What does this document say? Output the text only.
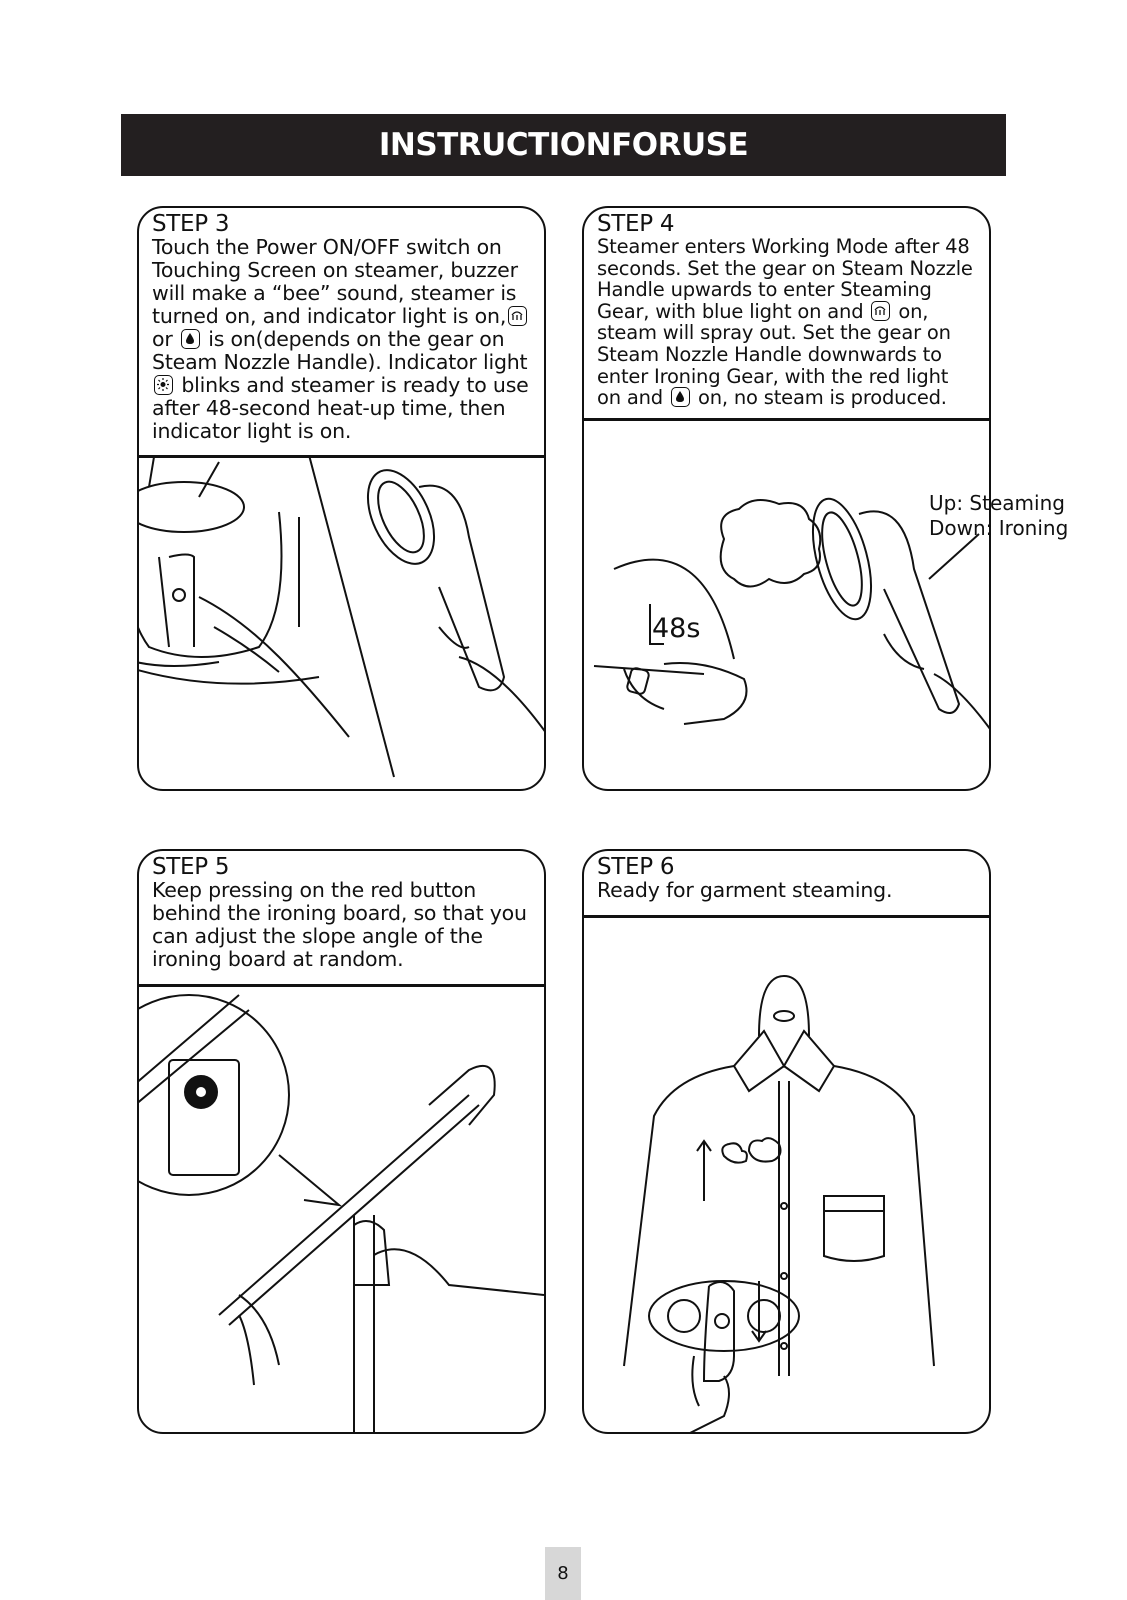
INSTRUCTIONFORUSE
STEP 3
Touch the Power ON/OFF switch on Touching Screen on steamer, buzzer will make a “bee” sound, steamer is turned on, and indicator light is on,
or is on(depends on the gear on Steam Nozzle Handle). Indicator light
blinks and steamer is ready to use after 48-second heat-up time, then indicator light is on.
STEP 4
Steamer enters Working Mode after 48 seconds. Set the gear on Steam Nozzle Handle upwards to enter Steaming Gear, with blue light on and on, steam will spray out. Set the gear on Steam Nozzle Handle downwards to enter Ironing Gear, with the red light on and on, no steam is produced.
48s
Up: Steaming
Down: Ironing
STEP 5
Keep pressing on the red button behind the ironing board, so that you can adjust the slope angle of the ironing board at random.
STEP 6
Ready for garment steaming.
8
